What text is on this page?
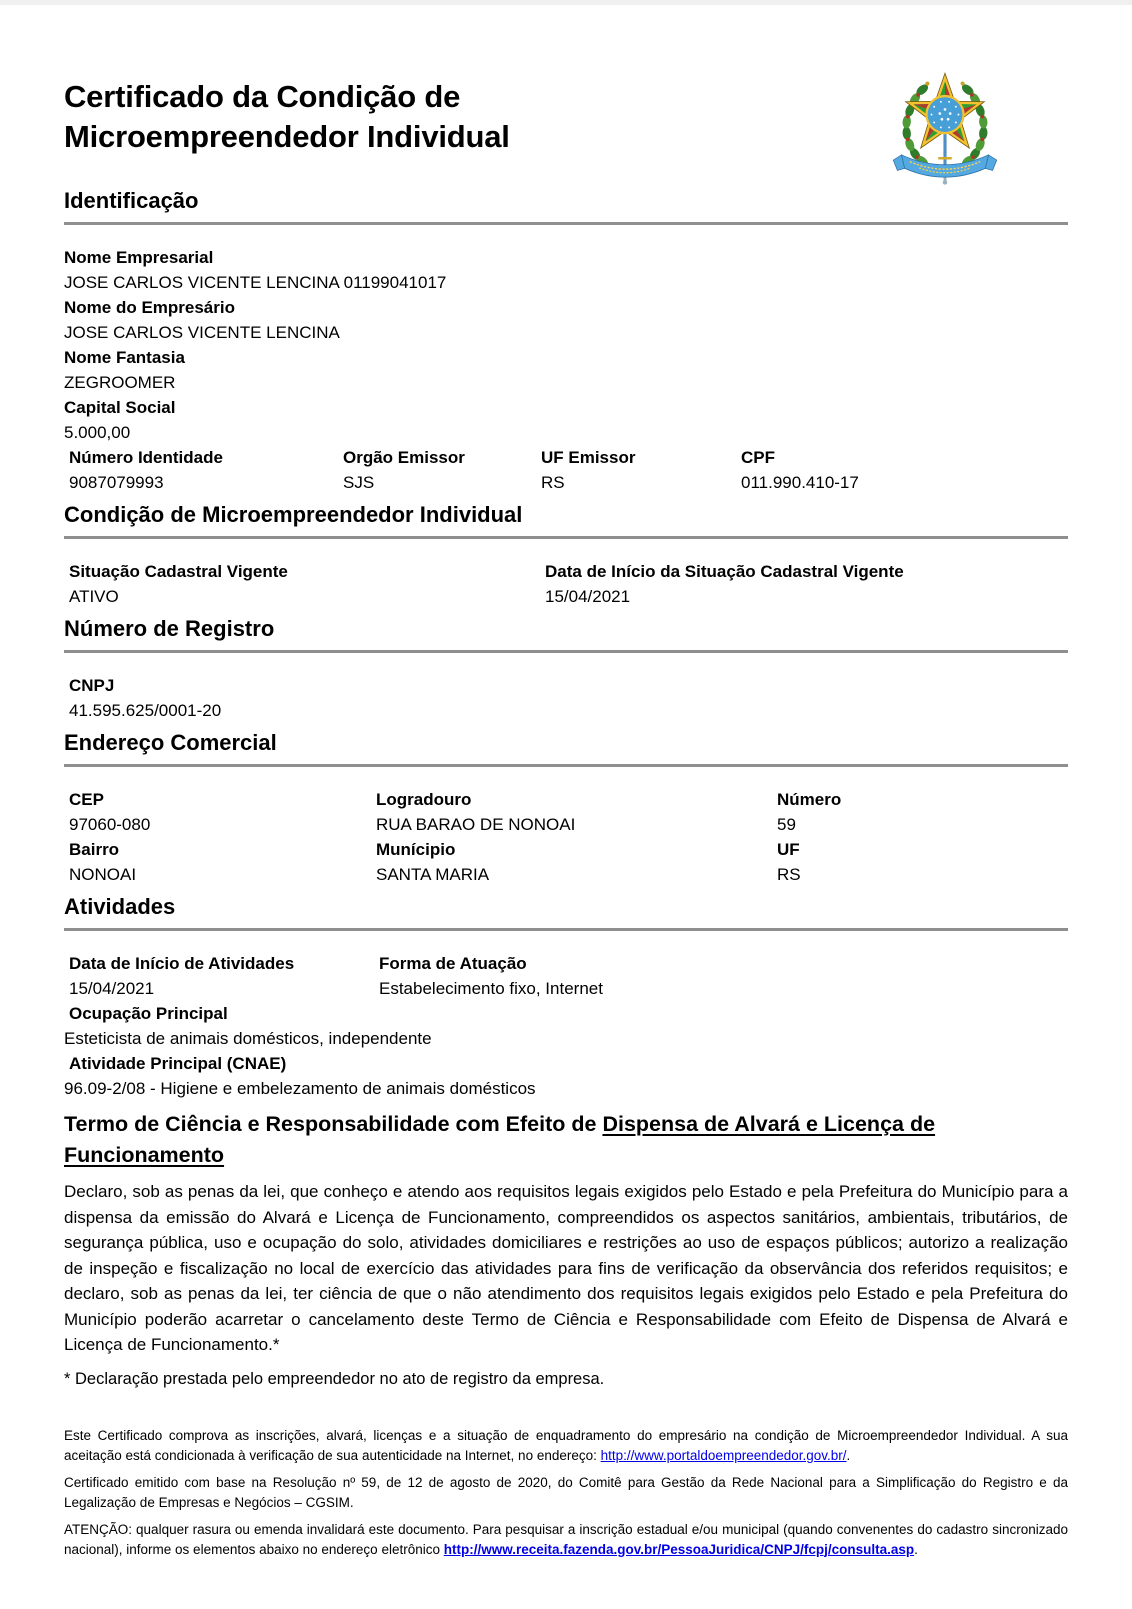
Certificado da Condição de
Microempreendedor Individual
Identificação
Nome Empresarial
JOSE CARLOS VICENTE LENCINA 01199041017
Nome do Empresário
JOSE CARLOS VICENTE LENCINA
Nome Fantasia
ZEGROOMER
Capital Social
5.000,00
Número Identidade
9087079993
Orgão Emissor
SJS
UF Emissor
RS
CPF
011.990.410-17
Condição de Microempreendedor Individual
Situação Cadastral Vigente
ATIVO
Data de Início da Situação Cadastral Vigente
15/04/2021
Número de Registro
CNPJ
41.595.625/0001-20
Endereço Comercial
CEP
97060-080
Logradouro
RUA BARAO DE NONOAI
Número
59
Bairro
NONOAI
Munícipio
SANTA MARIA
UF
RS
Atividades
Data de Início de Atividades
15/04/2021
Forma de Atuação
Estabelecimento fixo, Internet
Ocupação Principal
Esteticista de animais domésticos, independente
Atividade Principal (CNAE)
96.09-2/08 - Higiene e embelezamento de animais domésticos
Termo de Ciência e Responsabilidade com Efeito de Dispensa de Alvará e Licença de Funcionamento

Declaro, sob as penas da lei, que conheço e atendo aos requisitos legais exigidos pelo Estado e pela Prefeitura do Município para a dispensa da emissão do Alvará e Licença de Funcionamento, compreendidos os aspectos sanitários, ambientais, tributários, de segurança pública, uso e ocupação do solo, atividades domiciliares e restrições ao uso de espaços públicos; autorizo a realização de inspeção e fiscalização no local de exercício das atividades para fins de verificação da observância dos referidos requisitos; e declaro, sob as penas da lei, ter ciência de que o não atendimento dos requisitos legais exigidos pelo Estado e pela Prefeitura do Município poderão acarretar o cancelamento deste Termo de Ciência e Responsabilidade com Efeito de Dispensa de Alvará e Licença de Funcionamento.*

* Declaração prestada pelo empreendedor no ato de registro da empresa.

Este Certificado comprova as inscrições, alvará, licenças e a situação de enquadramento do empresário na condição de Microempreendedor Individual. A sua aceitação está condicionada à verificação de sua autenticidade na Internet, no endereço: http://www.portaldoempreendedor.gov.br/.

Certificado emitido com base na Resolução nº 59, de 12 de agosto de 2020, do Comitê para Gestão da Rede Nacional para a Simplificação do Registro e da Legalização de Empresas e Negócios – CGSIM.

ATENÇÃO: qualquer rasura ou emenda invalidará este documento. Para pesquisar a inscrição estadual e/ou municipal (quando convenentes do cadastro sincronizado nacional), informe os elementos abaixo no endereço eletrônico http://www.receita.fazenda.gov.br/PessoaJuridica/CNPJ/fcpj/consulta.asp.
